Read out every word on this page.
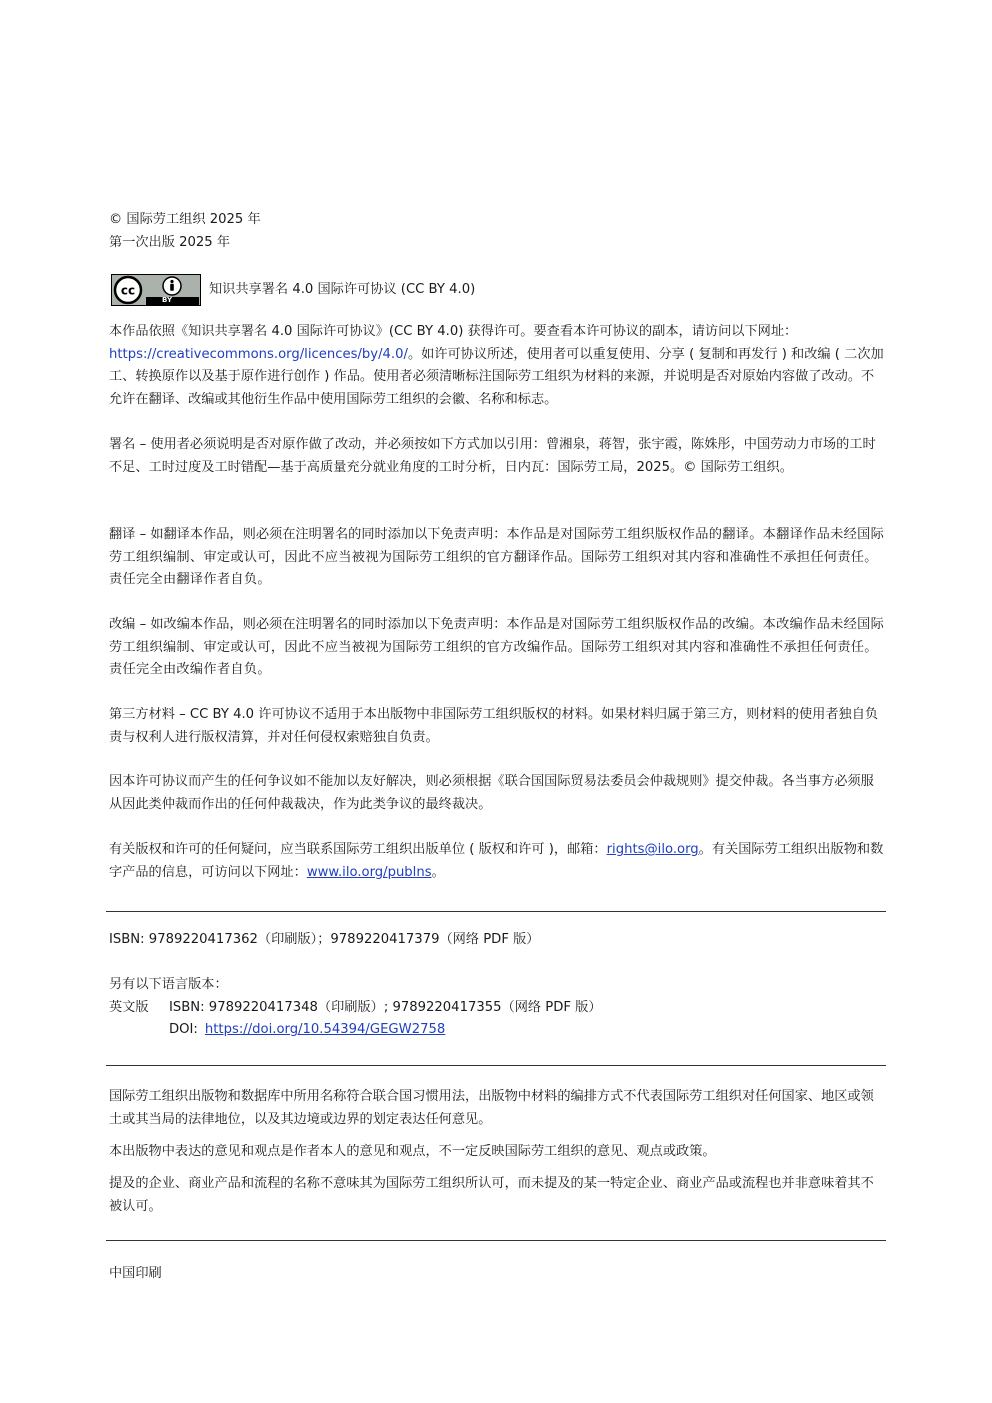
© 国际劳工组织 2025 年
第一次出版 2025 年
cc
BY
知识共享署名 4.0 国际许可协议 (CC BY 4.0)

本作品依照《知识共享署名 4.0 国际许可协议》(CC BY 4.0) 获得许可。要查看本许可协议的副本，请访问以下网址：https://creativecommons.org/licences/by/4.0/。如许可协议所述，使用者可以重复使用、分享 ( 复制和再发行 ) 和改编 ( 二次加工、转换原作以及基于原作进行创作 ) 作品。使用者必须清晰标注国际劳工组织为材料的来源，并说明是否对原始内容做了改动。不允许在翻译、改编或其他衍生作品中使用国际劳工组织的会徽、名称和标志。

署名 – 使用者必须说明是否对原作做了改动，并必须按如下方式加以引用：曾湘泉，蒋智，张宇霞，陈姝彤，中国劳动力市场的工时不足、工时过度及工时错配—基于高质量充分就业角度的工时分析，日内瓦：国际劳工局，2025。© 国际劳工组织。

翻译 – 如翻译本作品，则必须在注明署名的同时添加以下免责声明：本作品是对国际劳工组织版权作品的翻译。本翻译作品未经国际劳工组织编制、审定或认可，因此不应当被视为国际劳工组织的官方翻译作品。国际劳工组织对其内容和准确性不承担任何责任。责任完全由翻译作者自负。

改编 – 如改编本作品，则必须在注明署名的同时添加以下免责声明：本作品是对国际劳工组织版权作品的改编。本改编作品未经国际劳工组织编制、审定或认可，因此不应当被视为国际劳工组织的官方改编作品。国际劳工组织对其内容和准确性不承担任何责任。责任完全由改编作者自负。

第三方材料 – CC BY 4.0 许可协议不适用于本出版物中非国际劳工组织版权的材料。如果材料归属于第三方，则材料的使用者独自负责与权利人进行版权清算，并对任何侵权索赔独自负责。

因本许可协议而产生的任何争议如不能加以友好解决，则必须根据《联合国国际贸易法委员会仲裁规则》提交仲裁。各当事方必须服从因此类仲裁而作出的任何仲裁裁决，作为此类争议的最终裁决。

有关版权和许可的任何疑问，应当联系国际劳工组织出版单位 ( 版权和许可 )，邮箱：rights@ilo.org。有关国际劳工组织出版物和数字产品的信息，可访问以下网址：www.ilo.org/publns。

ISBN: 9789220417362（印刷版）；9789220417379（网络 PDF 版）
另有以下语言版本：
英文版	ISBN: 9789220417348（印刷版）; 9789220417355（网络 PDF 版）
DOI: https://doi.org/10.54394/GEGW2758
国际劳工组织出版物和数据库中所用名称符合联合国习惯用法，出版物中材料的编排方式不代表国际劳工组织对任何国家、地区或领土或其当局的法律地位，以及其边境或边界的划定表达任何意见。
本出版物中表达的意见和观点是作者本人的意见和观点，不一定反映国际劳工组织的意见、观点或政策。
提及的企业、商业产品和流程的名称不意味其为国际劳工组织所认可，而未提及的某一特定企业、商业产品或流程也并非意味着其不被认可。
中国印刷
